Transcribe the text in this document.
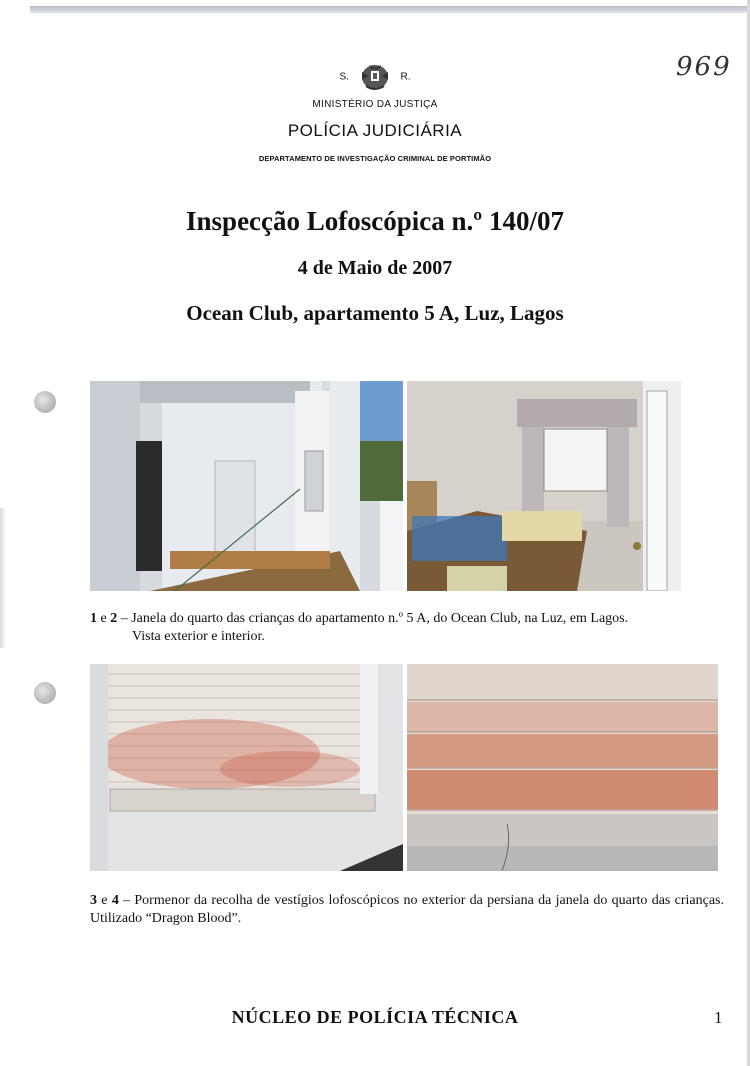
969
S.	R.
MINISTÉRIO DA JUSTIÇA
POLÍCIA JUDICIÁRIA
DEPARTAMENTO DE INVESTIGAÇÃO CRIMINAL DE PORTIMÃO
Inspecção Lofoscópica n.º 140/07
4 de Maio de 2007
Ocean Club, apartamento 5 A, Luz, Lagos
1 e 2 – Janela do quarto das crianças do apartamento n.º 5 A, do Ocean Club, na Luz, em Lagos.
Vista exterior e interior.
3 e 4 – Pormenor da recolha de vestígios lofoscópicos no exterior da persiana da janela do quarto das crianças. Utilizado “Dragon Blood”.
NÚCLEO DE POLÍCIA TÉCNICA	1
